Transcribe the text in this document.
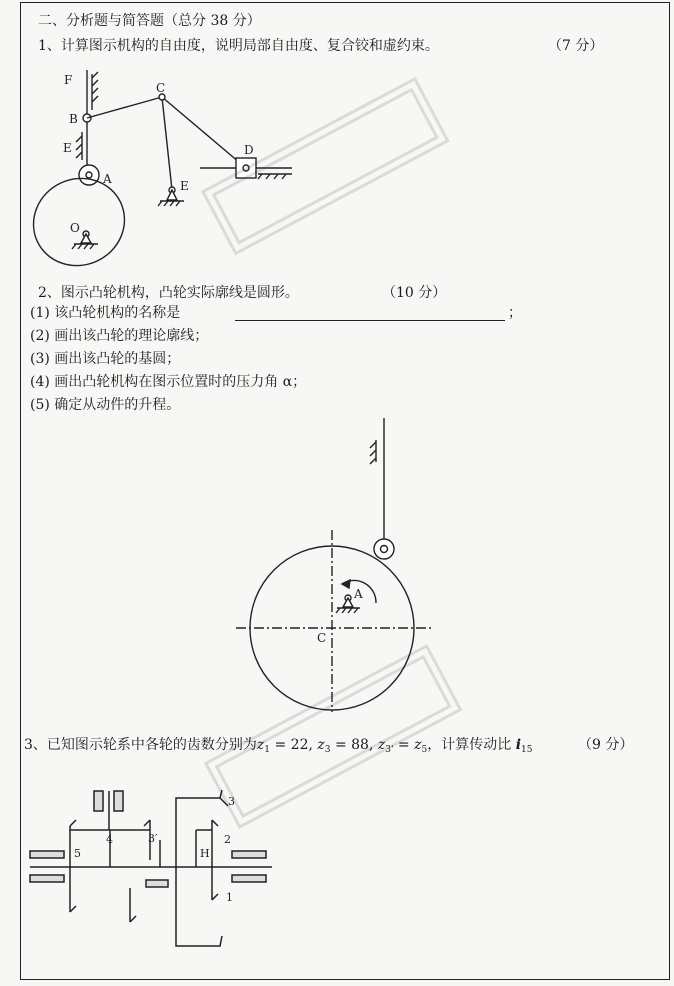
二、分析题与简答题（总分 38 分）
1、计算图示机构的自由度，说明局部自由度、复合铰和虚约束。	（7 分）
F
B
C
E
A
D
E
O
2、图示凸轮机构，凸轮实际廓线是圆形。	（10 分）
(1) 该凸轮机构的名称是	；
(2) 画出该凸轮的理论廓线；
(3) 画出该凸轮的基圆；
(4) 画出凸轮机构在图示位置时的压力角 α；
(5) 确定从动件的升程。
A
C
3、已知图示轮系中各轮的齿数分别为$z_1 = 22$, $z_3 = 88$, $z_{3'} = z_5$，计算传动比 $i_{15}$	（9 分）
3
4	3′	2
H
5
1
